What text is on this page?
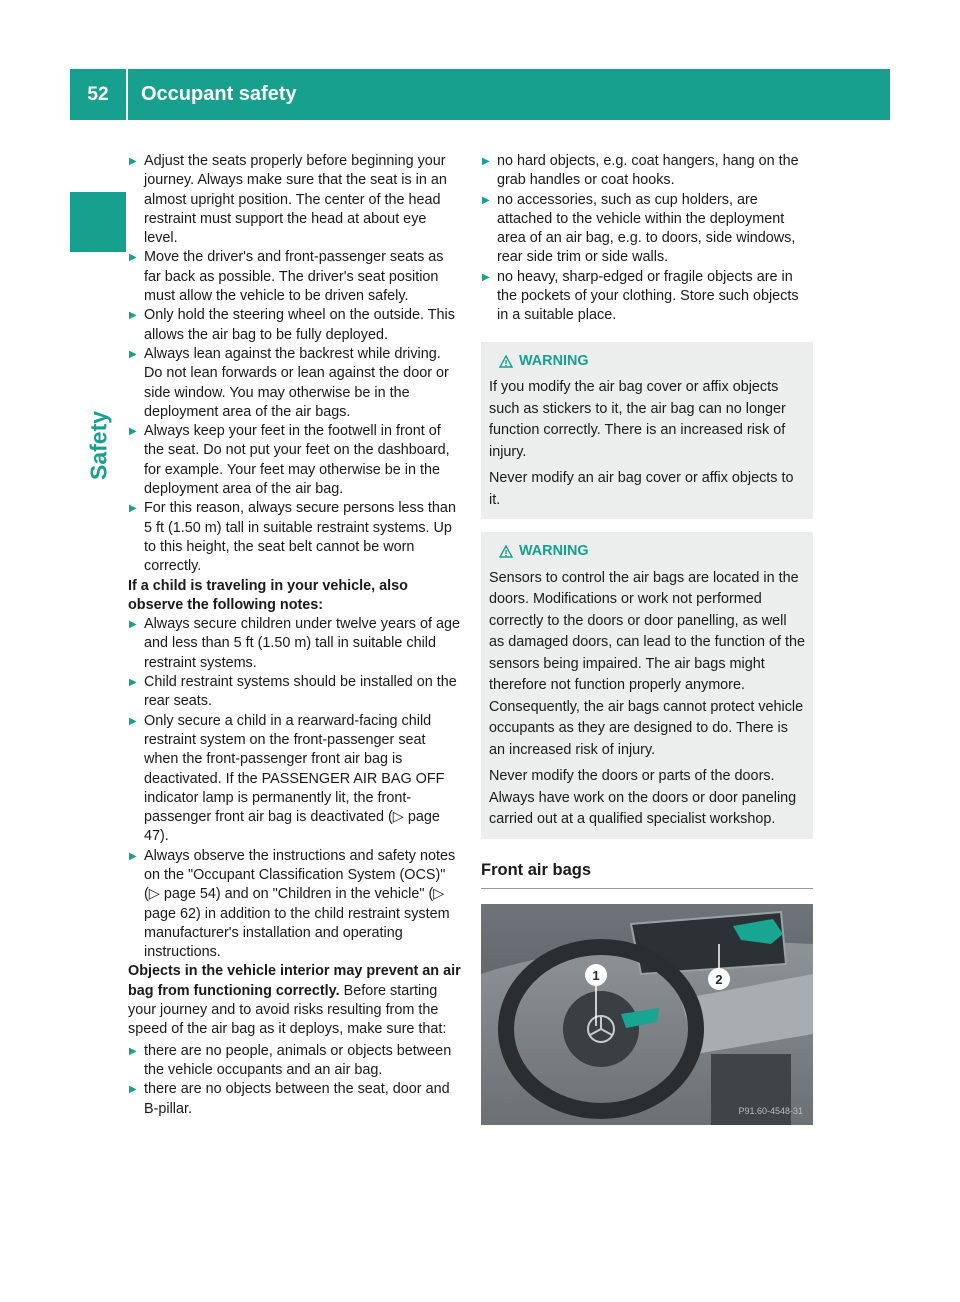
52	Occupant safety
Safety
▶ Adjust the seats properly before beginning your journey. Always make sure that the seat is in an almost upright position. The center of the head restraint must support the head at about eye level.
▶ Move the driver's and front-passenger seats as far back as possible. The driver's seat position must allow the vehicle to be driven safely.
▶ Only hold the steering wheel on the outside. This allows the air bag to be fully deployed.
▶ Always lean against the backrest while driving. Do not lean forwards or lean against the door or side window. You may otherwise be in the deployment area of the air bags.
▶ Always keep your feet in the footwell in front of the seat. Do not put your feet on the dashboard, for example. Your feet may otherwise be in the deployment area of the air bag.
▶ For this reason, always secure persons less than 5 ft (1.50 m) tall in suitable restraint systems. Up to this height, the seat belt cannot be worn correctly.
If a child is traveling in your vehicle, also observe the following notes:
▶ Always secure children under twelve years of age and less than 5 ft (1.50 m) tall in suitable child restraint systems.
▶ Child restraint systems should be installed on the rear seats.
▶ Only secure a child in a rearward-facing child restraint system on the front-passenger seat when the front-passenger front air bag is deactivated. If the PASSENGER AIR BAG OFF indicator lamp is permanently lit, the front-passenger front air bag is deactivated (▷ page 47).
▶ Always observe the instructions and safety notes on the "Occupant Classification System (OCS)" (▷ page 54) and on "Children in the vehicle" (▷ page 62) in addition to the child restraint system manufacturer's installation and operating instructions.
Objects in the vehicle interior may prevent an air bag from functioning correctly. Before starting your journey and to avoid risks resulting from the speed of the air bag as it deploys, make sure that:
▶ there are no people, animals or objects between the vehicle occupants and an air bag.
▶ there are no objects between the seat, door and B-pillar.
▶ no hard objects, e.g. coat hangers, hang on the grab handles or coat hooks.
▶ no accessories, such as cup holders, are attached to the vehicle within the deployment area of an air bag, e.g. to doors, side windows, rear side trim or side walls.
▶ no heavy, sharp-edged or fragile objects are in the pockets of your clothing. Store such objects in a suitable place.
WARNING

If you modify the air bag cover or affix objects such as stickers to it, the air bag can no longer function correctly. There is an increased risk of injury.

Never modify an air bag cover or affix objects to it.

WARNING

Sensors to control the air bags are located in the doors. Modifications or work not performed correctly to the doors or door panelling, as well as damaged doors, can lead to the function of the sensors being impaired. The air bags might therefore not function properly anymore. Consequently, the air bags cannot protect vehicle occupants as they are designed to do. There is an increased risk of injury.

Never modify the doors or parts of the doors. Always have work on the doors or door paneling carried out at a qualified specialist workshop.

Front air bags
1	2
P91.60-4548-31
